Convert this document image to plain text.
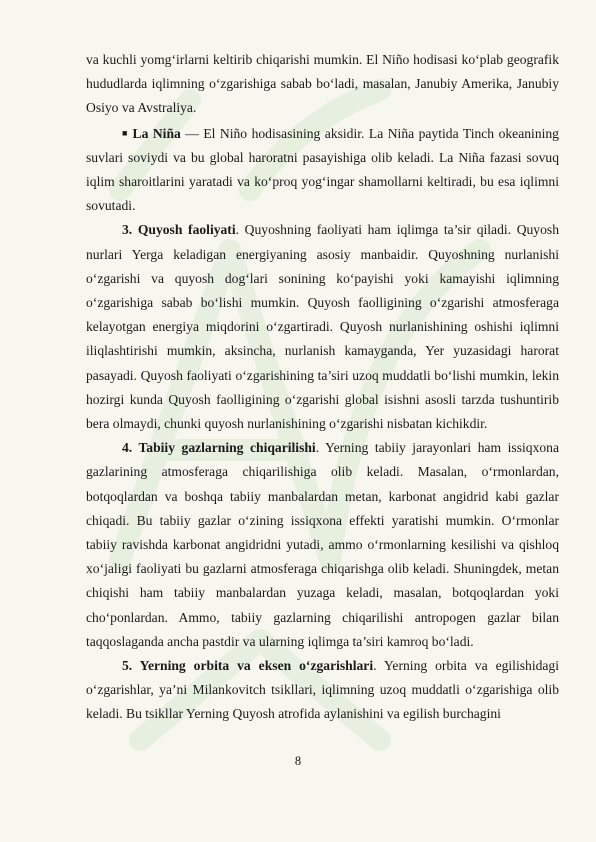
va kuchli yomg‘irlarni keltirib chiqarishi mumkin. El Niño hodisasi ko‘plab geografik hududlarda iqlimning o‘zgarishiga sabab bo‘ladi, masalan, Janubiy Amerika, Janubiy Osiyo va Avstraliya.

■ La Niña — El Niño hodisasining aksidir. La Niña paytida Tinch okeanining suvlari soviydi va bu global haroratni pasayishiga olib keladi. La Niña fazasi sovuq iqlim sharoitlarini yaratadi va ko‘proq yog‘ingar shamollarni keltiradi, bu esa iqlimni sovutadi.

3. Quyosh faoliyati. Quyoshning faoliyati ham iqlimga ta’sir qiladi. Quyosh nurlari Yerga keladigan energiyaning asosiy manbaidir. Quyoshning nurlanishi o‘zgarishi va quyosh dog‘lari sonining ko‘payishi yoki kamayishi iqlimning o‘zgarishiga sabab bo‘lishi mumkin. Quyosh faolligining o‘zgarishi atmosferaga kelayotgan energiya miqdorini o‘zgartiradi. Quyosh nurlanishining oshishi iqlimni iliqlashtirishi mumkin, aksincha, nurlanish kamayganda, Yer yuzasidagi harorat pasayadi. Quyosh faoliyati o‘zgarishining ta’siri uzoq muddatli bo‘lishi mumkin, lekin hozirgi kunda Quyosh faolligining o‘zgarishi global isishni asosli tarzda tushuntirib bera olmaydi, chunki quyosh nurlanishining o‘zgarishi nisbatan kichikdir.

4. Tabiiy gazlarning chiqarilishi. Yerning tabiiy jarayonlari ham issiqxona gazlarining atmosferaga chiqarilishiga olib keladi. Masalan, o‘rmonlardan, botqoqlardan va boshqa tabiiy manbalardan metan, karbonat angidrid kabi gazlar chiqadi. Bu tabiiy gazlar o‘zining issiqxona effekti yaratishi mumkin. O‘rmonlar tabiiy ravishda karbonat angidridni yutadi, ammo o‘rmonlarning kesilishi va qishloq xo‘jaligi faoliyati bu gazlarni atmosferaga chiqarishga olib keladi. Shuningdek, metan chiqishi ham tabiiy manbalardan yuzaga keladi, masalan, botqoqlardan yoki cho‘ponlardan. Ammo, tabiiy gazlarning chiqarilishi antropogen gazlar bilan taqqoslaganda ancha pastdir va ularning iqlimga ta’siri kamroq bo‘ladi.

5. Yerning orbita va eksen o‘zgarishlari. Yerning orbita va egilishidagi o‘zgarishlar, ya’ni Milankovitch tsikllari, iqlimning uzoq muddatli o‘zgarishiga olib keladi. Bu tsikllar Yerning Quyosh atrofida aylanishini va egilish burchagini

8
